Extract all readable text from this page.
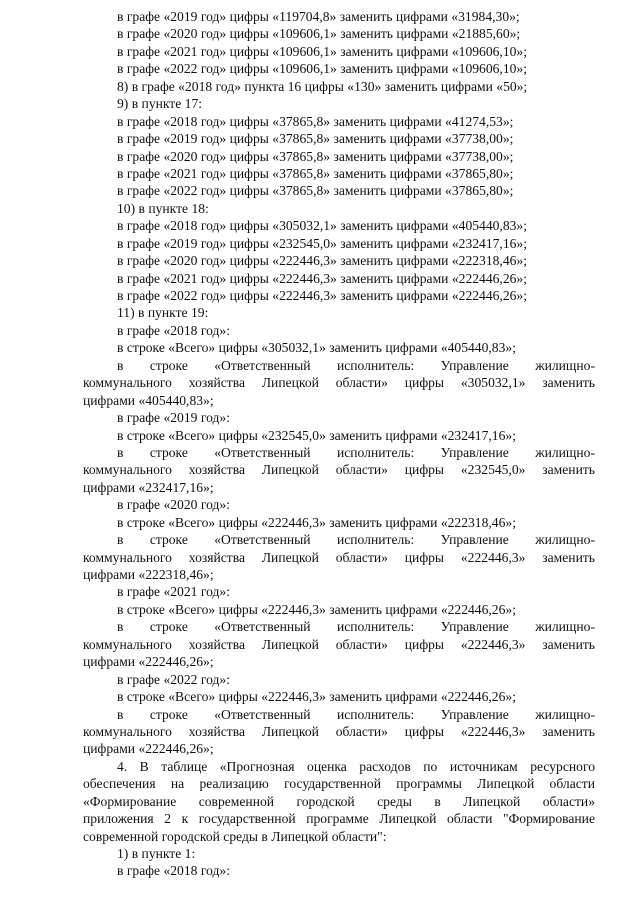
в графе «2019 год» цифры «119704,8» заменить цифрами «31984,30»;
в графе «2020 год» цифры «109606,1» заменить цифрами «21885,60»;
в графе «2021 год» цифры «109606,1» заменить цифрами «109606,10»;
в графе «2022 год» цифры «109606,1» заменить цифрами «109606,10»;
8) в графе «2018 год» пункта 16 цифры «130» заменить цифрами «50»;
9) в пункте 17:
в графе «2018 год» цифры «37865,8» заменить цифрами «41274,53»;
в графе «2019 год» цифры «37865,8» заменить цифрами «37738,00»;
в графе «2020 год» цифры «37865,8» заменить цифрами «37738,00»;
в графе «2021 год» цифры «37865,8» заменить цифрами «37865,80»;
в графе «2022 год» цифры «37865,8» заменить цифрами «37865,80»;
10) в пункте 18:
в графе «2018 год» цифры «305032,1» заменить цифрами «405440,83»;
в графе «2019 год» цифры «232545,0» заменить цифрами «232417,16»;
в графе «2020 год» цифры «222446,3» заменить цифрами «222318,46»;
в графе «2021 год» цифры «222446,3» заменить цифрами «222446,26»;
в графе «2022 год» цифры «222446,3» заменить цифрами «222446,26»;
11) в пункте 19:
в графе «2018 год»:
в строке «Всего» цифры «305032,1» заменить цифрами «405440,83»;
в строке «Ответственный исполнитель: Управление жилищно-
коммунального хозяйства Липецкой области» цифры «305032,1» заменить
цифрами «405440,83»;
в графе «2019 год»:
в строке «Всего» цифры «232545,0» заменить цифрами «232417,16»;
в строке «Ответственный исполнитель: Управление жилищно-
коммунального хозяйства Липецкой области» цифры «232545,0» заменить
цифрами «232417,16»;
в графе «2020 год»:
в строке «Всего» цифры «222446,3» заменить цифрами «222318,46»;
в строке «Ответственный исполнитель: Управление жилищно-
коммунального хозяйства Липецкой области» цифры «222446,3» заменить
цифрами «222318,46»;
в графе «2021 год»:
в строке «Всего» цифры «222446,3» заменить цифрами «222446,26»;
в строке «Ответственный исполнитель: Управление жилищно-
коммунального хозяйства Липецкой области» цифры «222446,3» заменить
цифрами «222446,26»;
в графе «2022 год»:
в строке «Всего» цифры «222446,3» заменить цифрами «222446,26»;
в строке «Ответственный исполнитель: Управление жилищно-
коммунального хозяйства Липецкой области» цифры «222446,3» заменить
цифрами «222446,26»;
4. В таблице «Прогнозная оценка расходов по источникам ресурсного
обеспечения на реализацию государственной программы Липецкой области
«Формирование современной городской среды в Липецкой области»
приложения 2 к государственной программе Липецкой области "Формирование
современной городской среды в Липецкой области":
1) в пункте 1:
в графе «2018 год»:
